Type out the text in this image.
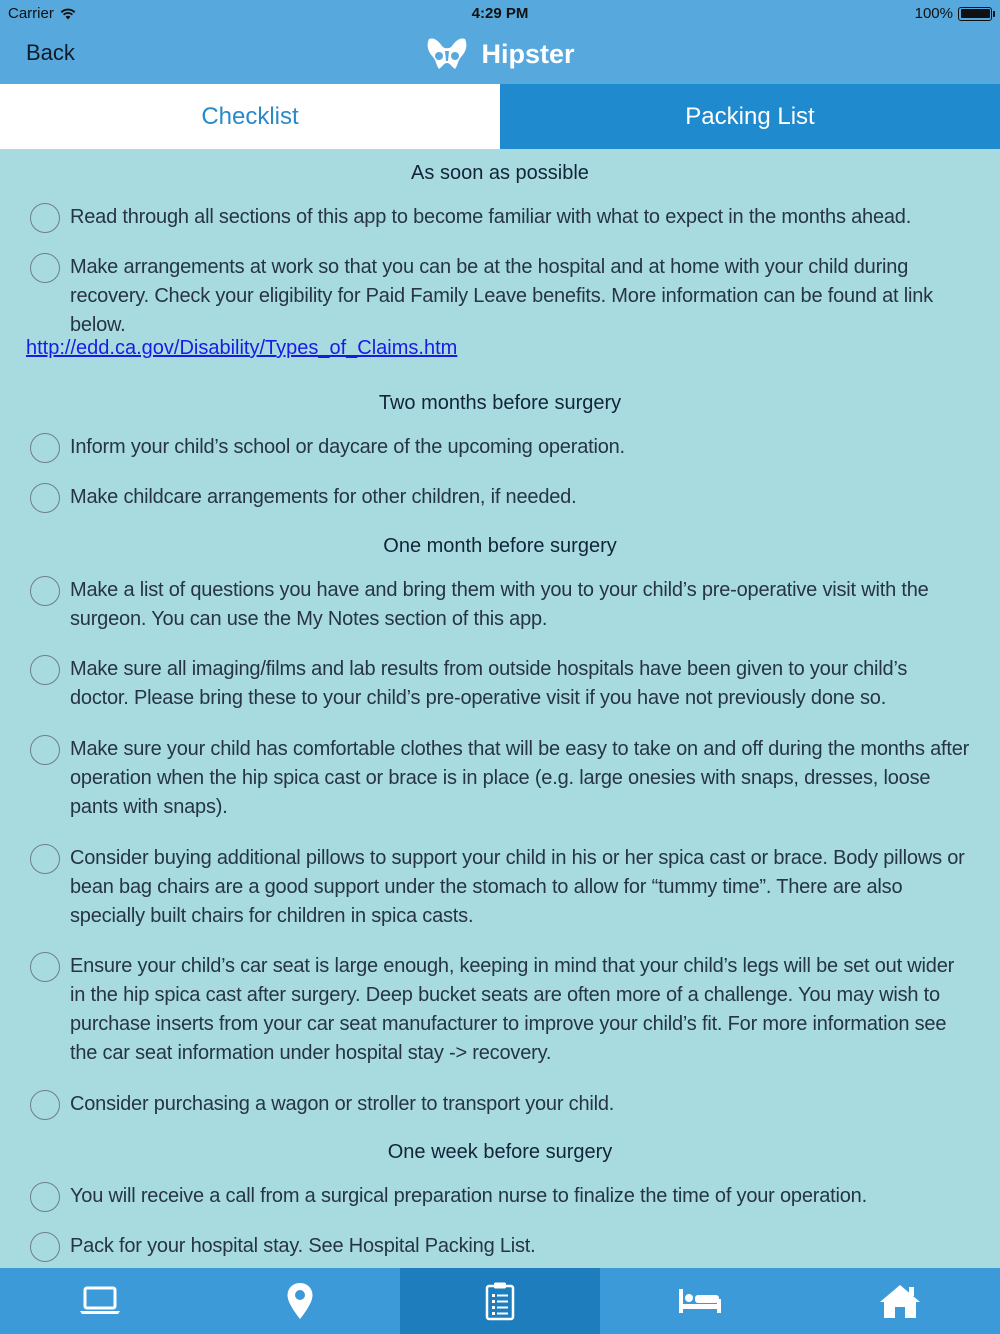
Carrier	4:29 PM	100%
Back	Hipster
Checklist	Packing List
As soon as possible
Read through all sections of this app to become familiar with what to expect in the months ahead.
Make arrangements at work so that you can be at the hospital and at home with your child during recovery. Check your eligibility for Paid Family Leave benefits. More information can be found at link below.
http://edd.ca.gov/Disability/Types_of_Claims.htm
Two months before surgery
Inform your child’s school or daycare of the upcoming operation.
Make childcare arrangements for other children, if needed.
One month before surgery
Make a list of questions you have and bring them with you to your child’s pre-operative visit with the surgeon. You can use the My Notes section of this app.
Make sure all imaging/films and lab results from outside hospitals have been given to your child’s doctor. Please bring these to your child’s pre-operative visit if you have not previously done so.
Make sure your child has comfortable clothes that will be easy to take on and off during the months after operation when the hip spica cast or brace is in place (e.g. large onesies with snaps, dresses, loose pants with snaps).
Consider buying additional pillows to support your child in his or her spica cast or brace. Body pillows or bean bag chairs are a good support under the stomach to allow for “tummy time”. There are also specially built chairs for children in spica casts.
Ensure your child’s car seat is large enough, keeping in mind that your child’s legs will be set out wider in the hip spica cast after surgery. Deep bucket seats are often more of a challenge. You may wish to purchase inserts from your car seat manufacturer to improve your child’s fit. For more information see the car seat information under hospital stay -> recovery.
Consider purchasing a wagon or stroller to transport your child.
One week before surgery
You will receive a call from a surgical preparation nurse to finalize the time of your operation.
Pack for your hospital stay. See Hospital Packing List.
